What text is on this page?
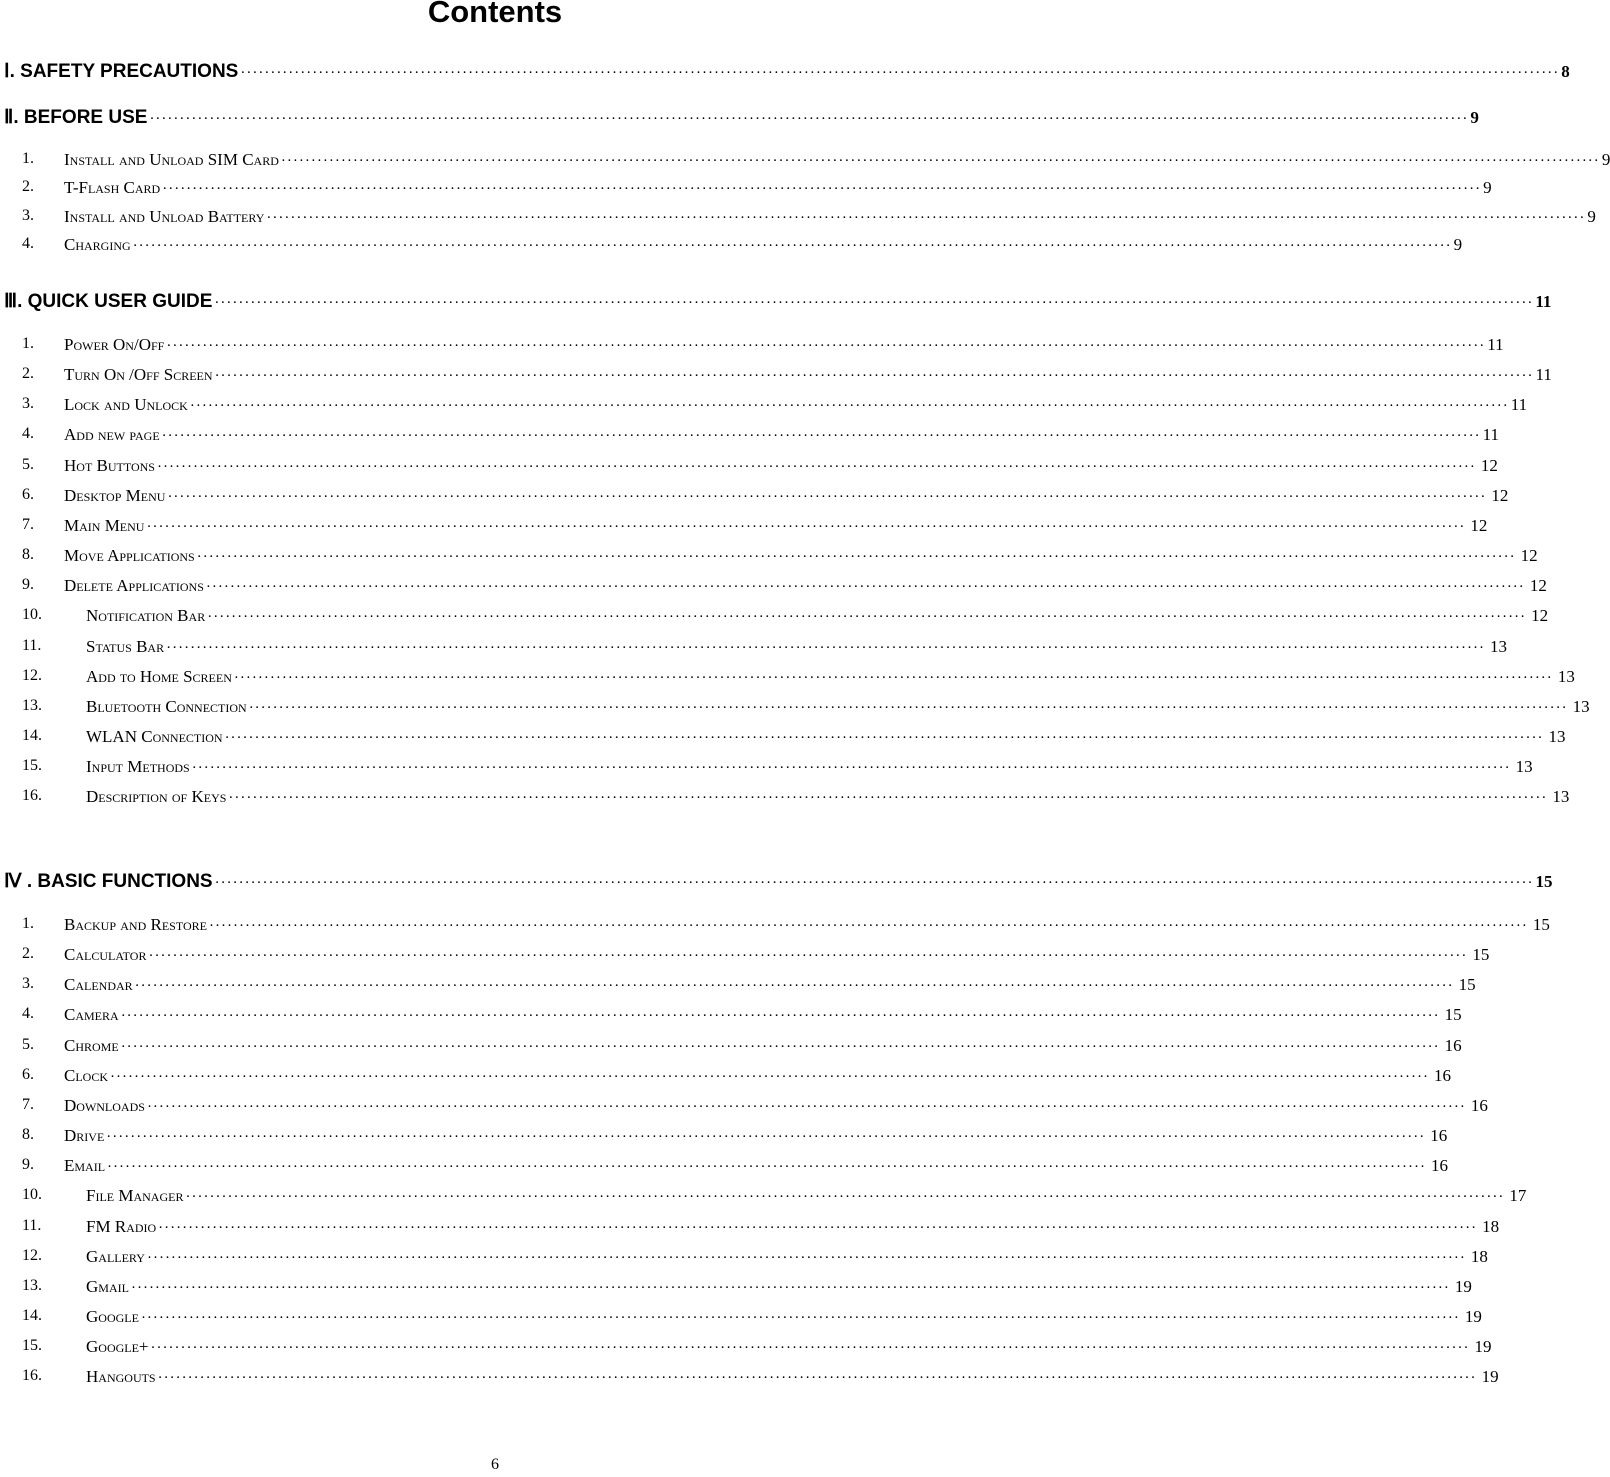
Contents
Ⅰ. SAFETY PRECAUTIONS ···························································································································································································································· 8
Ⅱ. BEFORE USE ···························································································································································································································· 9
1. Install and Unload SIM Card ···························································································································································································································· 9
2. T-Flash Card ···························································································································································································································· 9
3. Install and Unload Battery ···························································································································································································································· 9
4. Charging ···························································································································································································································· 9
Ⅲ. QUICK USER GUIDE ···························································································································································································································· 11
1. Power On/Off ···························································································································································································································· 11
2. Turn On /Off Screen ···························································································································································································································· 11
3. Lock and Unlock ···························································································································································································································· 11
4. Add new page ···························································································································································································································· 11
5. Hot Buttons ···························································································································································································································· 12
6. Desktop Menu ···························································································································································································································· 12
7. Main Menu ···························································································································································································································· 12
8. Move Applications ···························································································································································································································· 12
9. Delete Applications ···························································································································································································································· 12
10.	Notification Bar ···························································································································································································································· 12
11.	Status Bar ···························································································································································································································· 13
12.	Add to Home Screen ···························································································································································································································· 13
13.	Bluetooth Connection ···························································································································································································································· 13
14.	WLAN Connection ···························································································································································································································· 13
15.	Input Methods ···························································································································································································································· 13
16.	Description of Keys ···························································································································································································································· 13
Ⅳ . BASIC FUNCTIONS ···························································································································································································································· 15
1. Backup and Restore ···························································································································································································································· 15
2. Calculator ···························································································································································································································· 15
3. Calendar ···························································································································································································································· 15
4. Camera ···························································································································································································································· 15
5. Chrome ···························································································································································································································· 16
6. Clock ···························································································································································································································· 16
7. Downloads ···························································································································································································································· 16
8. Drive ···························································································································································································································· 16
9. Email ···························································································································································································································· 16
10.	File Manager ···························································································································································································································· 17
11.	FM Radio ···························································································································································································································· 18
12.	Gallery ···························································································································································································································· 18
13.	Gmail ···························································································································································································································· 19
14.	Google ···························································································································································································································· 19
15.	Google+ ···························································································································································································································· 19
16.	Hangouts ···························································································································································································································· 19
6
